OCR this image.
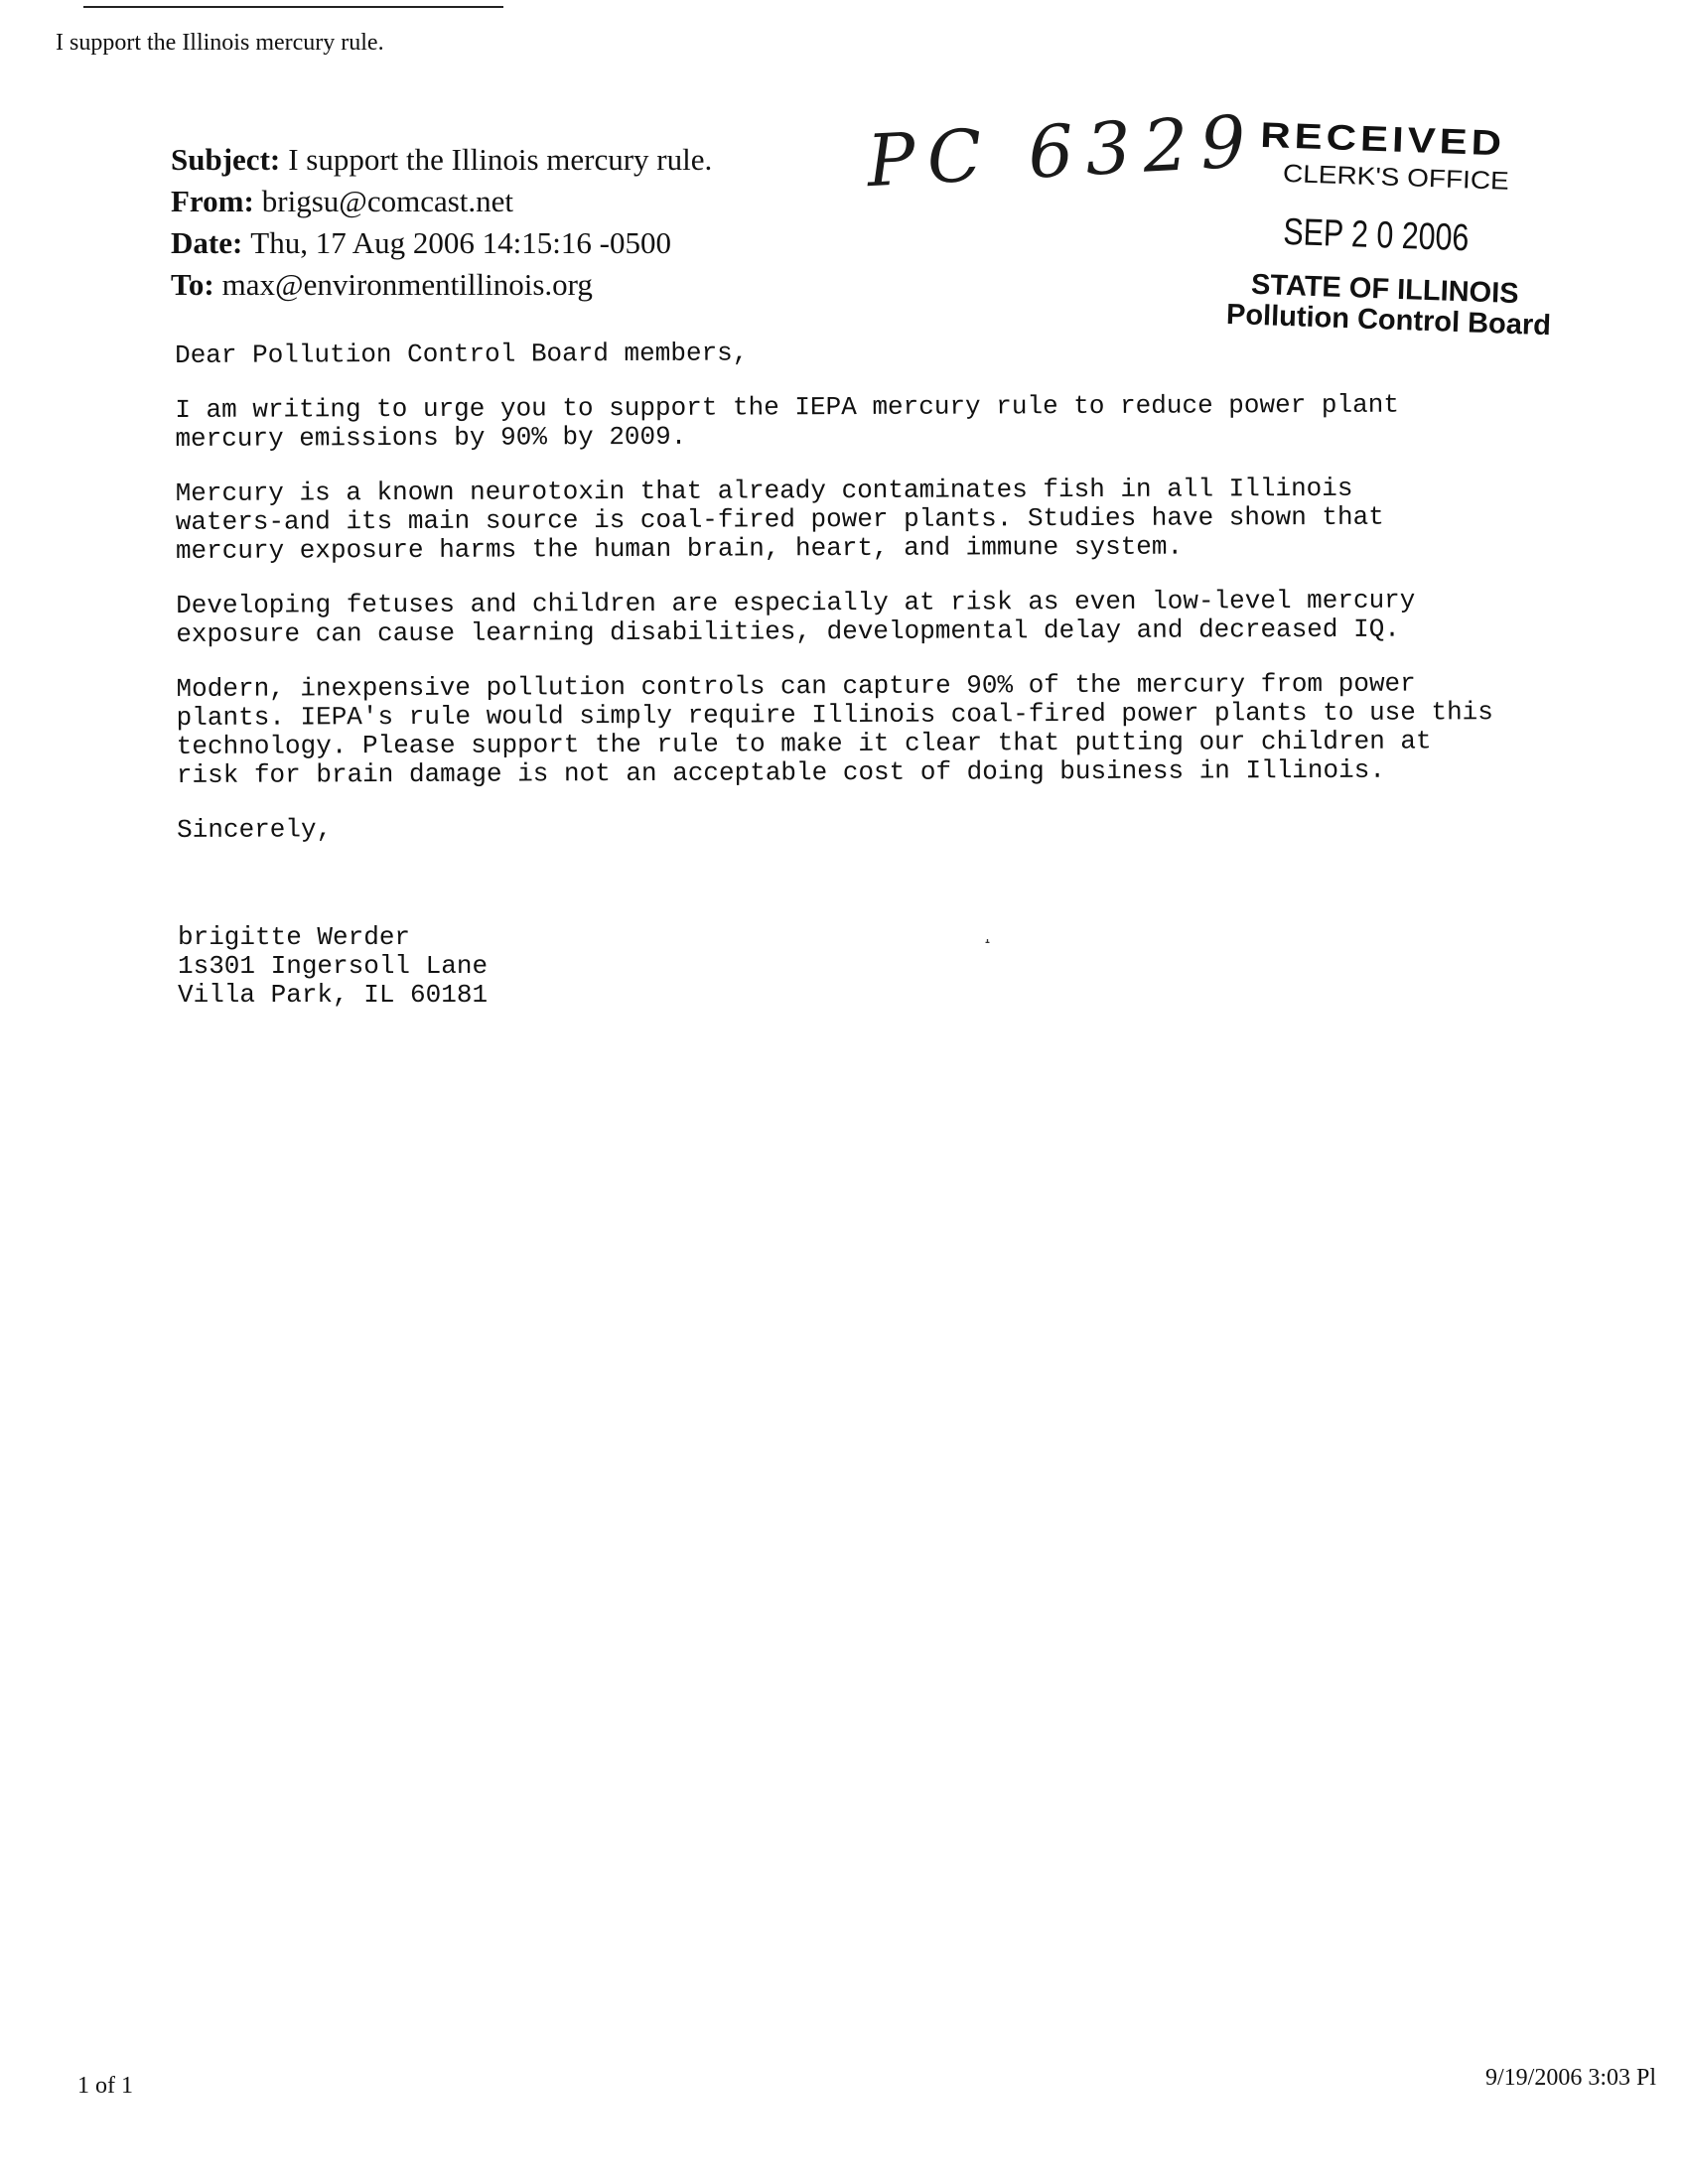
I support the Illinois mercury rule.
Subject: I support the Illinois mercury rule.
From: brigsu@comcast.net
Date: Thu, 17 Aug 2006 14:15:16 -0500
To: max@environmentillinois.org
PC 6329 RECEIVED
CLERK'S OFFICE
SEP 2 0 2006
STATE OF ILLINOIS
Pollution Control Board

Dear Pollution Control Board members,

I am writing to urge you to support the IEPA mercury rule to reduce power plant
mercury emissions by 90% by 2009.

Mercury is a known neurotoxin that already contaminates fish in all Illinois
waters-and its main source is coal-fired power plants. Studies have shown that
mercury exposure harms the human brain, heart, and immune system.

Developing fetuses and children are especially at risk as even low-level mercury
exposure can cause learning disabilities, developmental delay and decreased IQ.

Modern, inexpensive pollution controls can capture 90% of the mercury from power
plants. IEPA's rule would simply require Illinois coal-fired power plants to use this
technology. Please support the rule to make it clear that putting our children at
risk for brain damage is not an acceptable cost of doing business in Illinois.

Sincerely,

brigitte Werder
1s301 Ingersoll Lane
Villa Park, IL 60181
˔
1 of 1	9/19/2006 3:03 Pl
